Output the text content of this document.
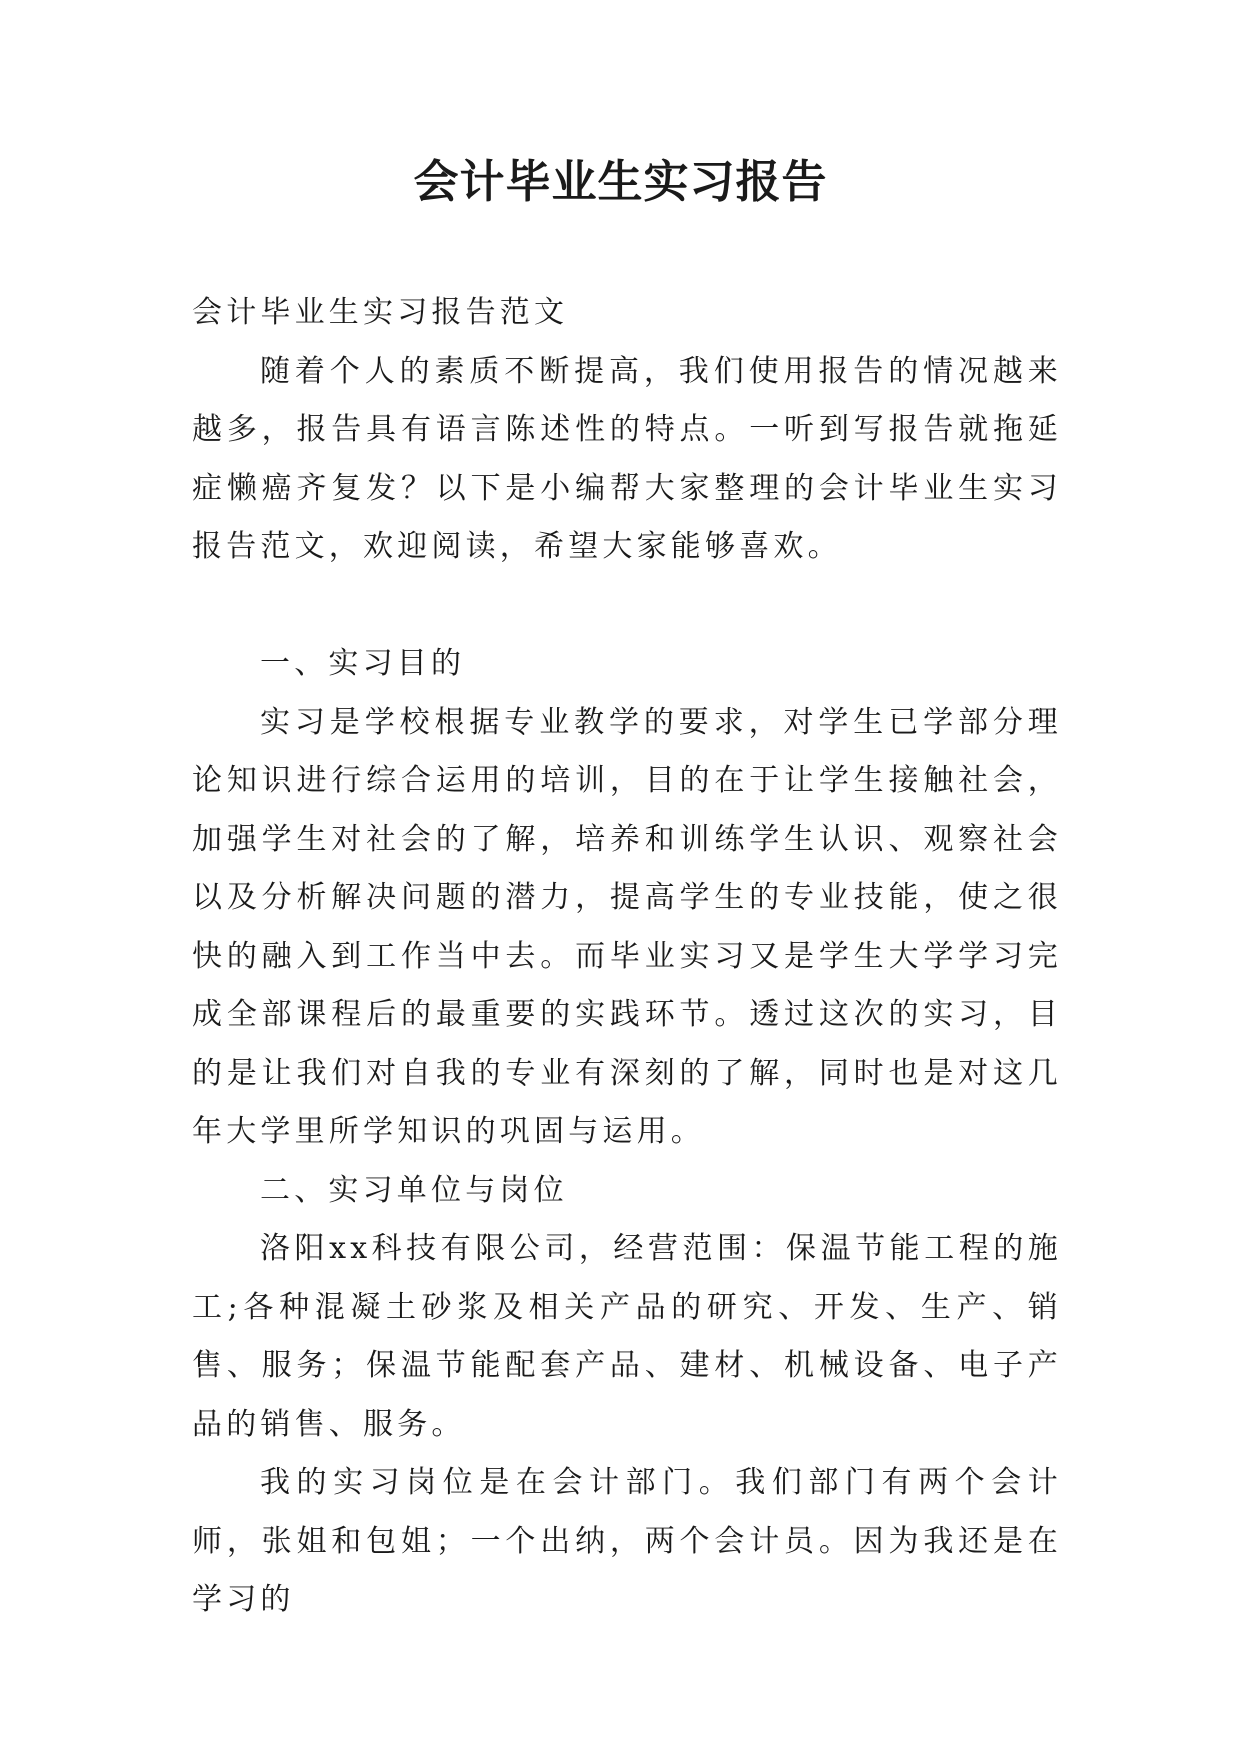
会计毕业生实习报告

会计毕业生实习报告范文

随着个人的素质不断提高，我们使用报告的情况越来越多，报告具有语言陈述性的特点。一听到写报告就拖延症懒癌齐复发？以下是小编帮大家整理的会计毕业生实习报告范文，欢迎阅读，希望大家能够喜欢。

一、实习目的

实习是学校根据专业教学的要求，对学生已学部分理论知识进行综合运用的培训，目的在于让学生接触社会，加强学生对社会的了解，培养和训练学生认识、观察社会以及分析解决问题的潜力，提高学生的专业技能，使之很快的融入到工作当中去。而毕业实习又是学生大学学习完成全部课程后的最重要的实践环节。透过这次的实习，目的是让我们对自我的专业有深刻的了解，同时也是对这几年大学里所学知识的巩固与运用。

二、实习单位与岗位

洛阳xx科技有限公司，经营范围：保温节能工程的施工;各种混凝土砂浆及相关产品的研究、开发、生产、销售、服务；保温节能配套产品、建材、机械设备、电子产品的销售、服务。

我的实习岗位是在会计部门。我们部门有两个会计师，张姐和包姐；一个出纳，两个会计员。因为我还是在学习的
